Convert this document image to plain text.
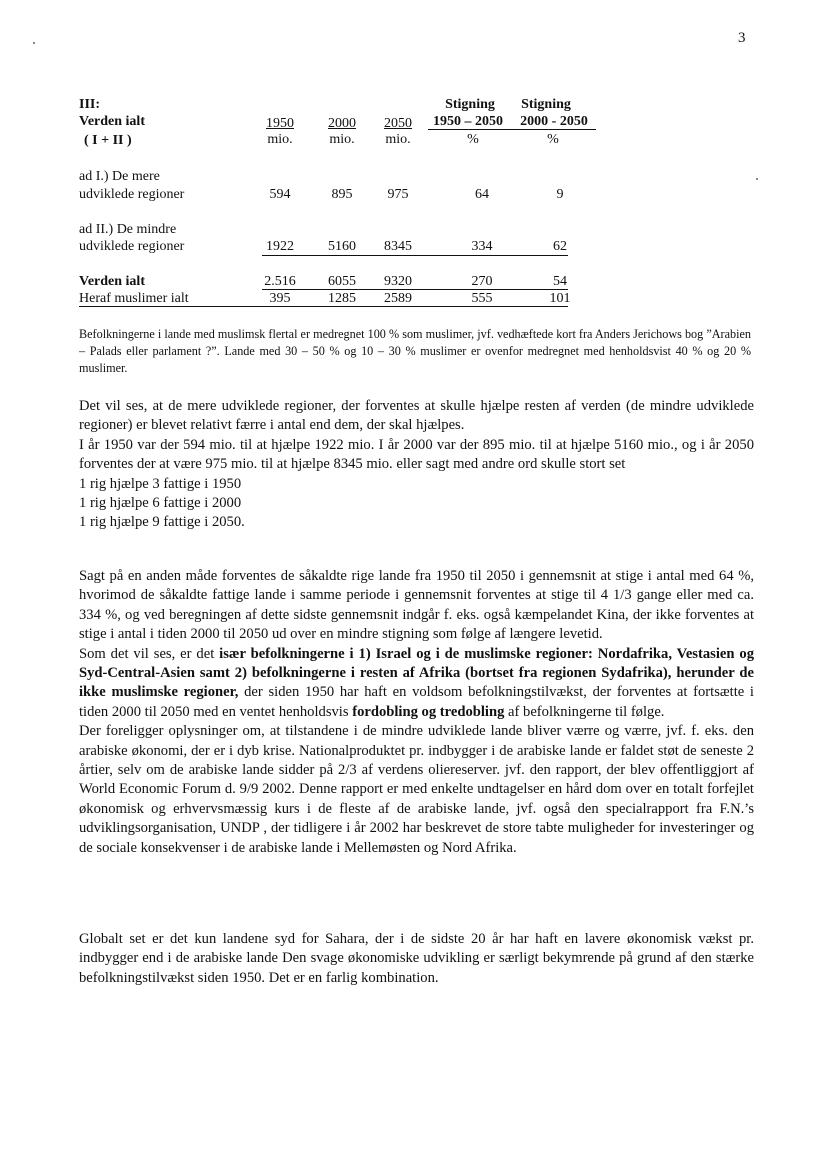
3
III:
Verden ialt
( I + II )
1950	2000	2050
mio.	mio.	mio.
Stigning	Stigning
1950 – 2050	2000 - 2050
%	%
ad I.) De mere
udviklede regioner	594	895	975	64	9
ad II.) De mindre
udviklede regioner	1922	5160	8345	334	62
Verden ialt	2.516	6055	9320	270	54
Heraf muslimer ialt	395	1285	2589	555	101
Befolkningerne i lande med muslimsk flertal er medregnet 100 % som muslimer, jvf. vedhæftede kort fra Anders Jerichows bog ”Arabien – Palads eller parlament ?”. Lande med 30 – 50 % og 10 – 30 % muslimer er ovenfor medregnet med henholdsvist 40 % og 20 % muslimer.

Det vil ses, at de mere udviklede regioner, der forventes at skulle hjælpe resten af verden (de mindre udviklede regioner) er blevet relativt færre i antal end dem, der skal hjælpes.

I år 1950 var der 594 mio. til at hjælpe 1922 mio. I år 2000 var der 895 mio. til at hjælpe 5160 mio., og i år 2050 forventes der at være 975 mio. til at hjælpe 8345 mio. eller sagt med andre ord skulle stort set

1 rig hjælpe 3 fattige i 1950
1 rig hjælpe 6 fattige i 2000
1 rig hjælpe 9 fattige i 2050.

Sagt på en anden måde forventes de såkaldte rige lande fra 1950 til 2050 i gennemsnit at stige i antal med 64 %, hvorimod de såkaldte fattige lande i samme periode i gennemsnit forventes at stige til 4 1/3 gange eller med ca. 334 %, og ved beregningen af dette sidste gennemsnit indgår f. eks. også kæmpelandet Kina, der ikke forventes at stige i antal i tiden 2000 til 2050 ud over en mindre stigning som følge af længere levetid.

Som det vil ses, er det især befolkningerne i 1) Israel og i de muslimske regioner: Nordafrika, Vestasien og Syd-Central-Asien samt 2) befolkningerne i resten af Afrika (bortset fra regionen Sydafrika), herunder de ikke muslimske regioner, der siden 1950 har haft en voldsom befolkningstilvækst, der forventes at fortsætte i tiden 2000 til 2050 med en ventet henholdsvis fordobling og tredobling af befolkningerne til følge.

Der foreligger oplysninger om, at tilstandene i de mindre udviklede lande bliver værre og værre, jvf. f. eks. den arabiske økonomi, der er i dyb krise. Nationalproduktet pr. indbygger i de arabiske lande er faldet støt de seneste 2 årtier, selv om de arabiske lande sidder på 2/3 af verdens oliereserver. jvf. den rapport, der blev offentliggjort af World Economic Forum d. 9/9 2002. Denne rapport er med enkelte undtagelser en hård dom over en totalt forfejlet økonomisk og erhvervsmæssig kurs i de fleste af de arabiske lande, jvf. også den specialrapport fra F.N.’s udviklingsorganisation, UNDP , der tidligere i år 2002 har beskrevet de store tabte muligheder for investeringer og de sociale konsekvenser i de arabiske lande i Mellemøsten og Nord Afrika.

Globalt set er det kun landene syd for Sahara, der i de sidste 20 år har haft en lavere økonomisk vækst pr. indbygger end i de arabiske lande Den svage økonomiske udvikling er særligt bekymrende på grund af den stærke befolkningstilvækst siden 1950. Det er en farlig kombination.
